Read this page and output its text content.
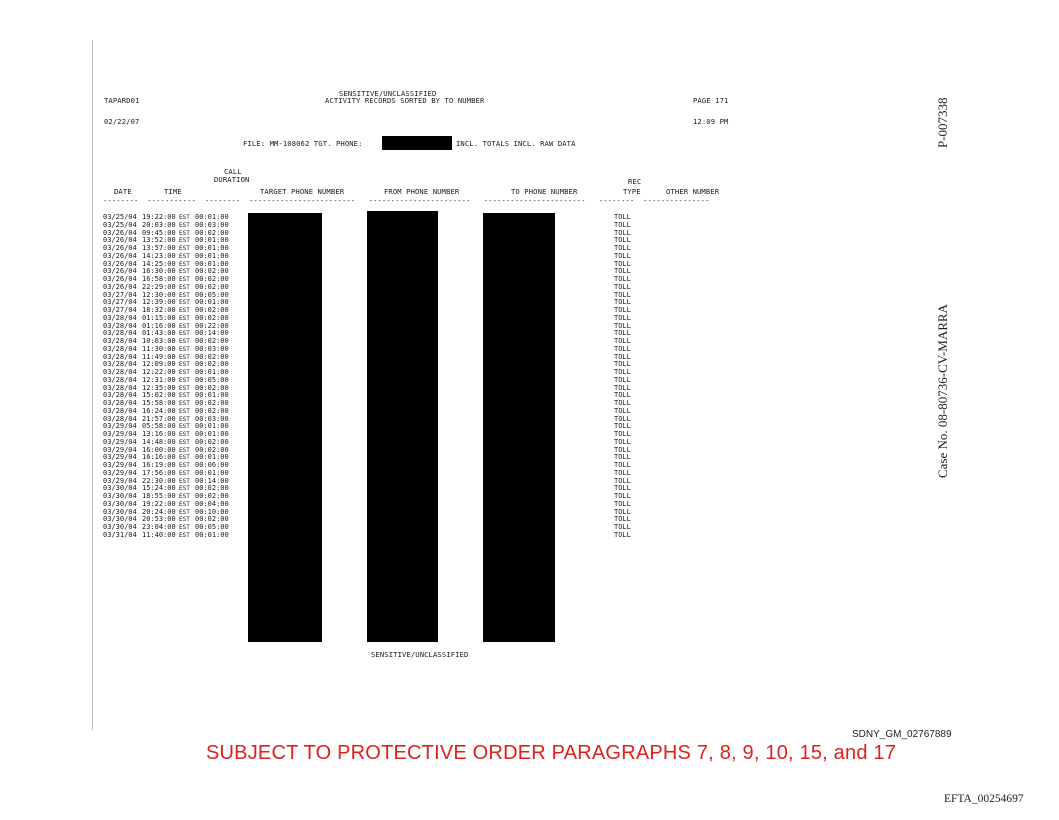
SENSITIVE/UNCLASSIFIED
TAPARD01	ACTIVITY RECORDS SORTED BY TO NUMBER	PAGE 171
02/22/07	12:09 PM
FILE: MM-108062 TGT. PHONE:	INCL. TOTALS INCL. RAW DATA
CALL
DURATION	REC
DATE	TIME	TARGET PHONE NUMBER	FROM PHONE NUMBER	TO PHONE NUMBER	TYPE	OTHER NUMBER
--------  -----------  --------  ------------------------   -----------------------   -----------------------   --------  ---------------
03/25/04 19:22:00 EST 00:01:00	TOLL
03/25/04 20:03:00 EST 00:03:00	TOLL
03/26/04 09:45:00 EST 00:02:00	TOLL
03/26/04 13:52:00 EST 00:01:00	TOLL
03/26/04 13:57:00 EST 00:01:00	TOLL
03/26/04 14:23:00 EST 00:01:00	TOLL
03/26/04 14:25:00 EST 00:01:00	TOLL
03/26/04 16:30:00 EST 00:02:00	TOLL
03/26/04 16:58:00 EST 00:02:00	TOLL
03/26/04 22:29:00 EST 00:02:00	TOLL
03/27/04 12:30:00 EST 00:05:00	TOLL
03/27/04 12:39:00 EST 00:01:00	TOLL
03/27/04 18:32:00 EST 00:02:00	TOLL
03/28/04 01:15:00 EST 00:02:00	TOLL
03/28/04 01:16:00 EST 00:22:00	TOLL
03/28/04 01:43:00 EST 00:14:00	TOLL
03/28/04 10:03:00 EST 00:02:00	TOLL
03/28/04 11:30:00 EST 00:03:00	TOLL
03/28/04 11:49:00 EST 00:02:00	TOLL
03/28/04 12:09:00 EST 00:02:00	TOLL
03/28/04 12:22:00 EST 00:01:00	TOLL
03/28/04 12:31:00 EST 00:05:00	TOLL
03/28/04 12:35:00 EST 00:02:00	TOLL
03/28/04 15:02:00 EST 00:01:00	TOLL
03/28/04 15:58:00 EST 00:02:00	TOLL
03/28/04 16:24:00 EST 00:02:00	TOLL
03/28/04 21:57:00 EST 00:03:00	TOLL
03/29/04 05:58:00 EST 00:01:00	TOLL
03/29/04 13:16:00 EST 00:01:00	TOLL
03/29/04 14:48:00 EST 00:02:00	TOLL
03/29/04 16:00:00 EST 00:02:00	TOLL
03/29/04 16:16:00 EST 00:01:00	TOLL
03/29/04 16:19:00 EST 00:06:00	TOLL
03/29/04 17:56:00 EST 00:01:00	TOLL
03/29/04 22:30:00 EST 00:14:00	TOLL
03/30/04 15:24:00 EST 00:02:00	TOLL
03/30/04 18:55:00 EST 00:02:00	TOLL
03/30/04 19:22:00 EST 00:04:00	TOLL
03/30/04 20:24:00 EST 00:10:00	TOLL
03/30/04 20:53:00 EST 00:02:00	TOLL
03/30/04 23:04:00 EST 00:05:00	TOLL
03/31/04 11:40:00 EST 00:01:00	TOLL
SENSITIVE/UNCLASSIFIED
P-007338
Case No. 08-80736-CV-MARRA
SDNY_GM_02767889
SUBJECT TO PROTECTIVE ORDER PARAGRAPHS 7, 8, 9, 10, 15, and 17
EFTA_00254697
